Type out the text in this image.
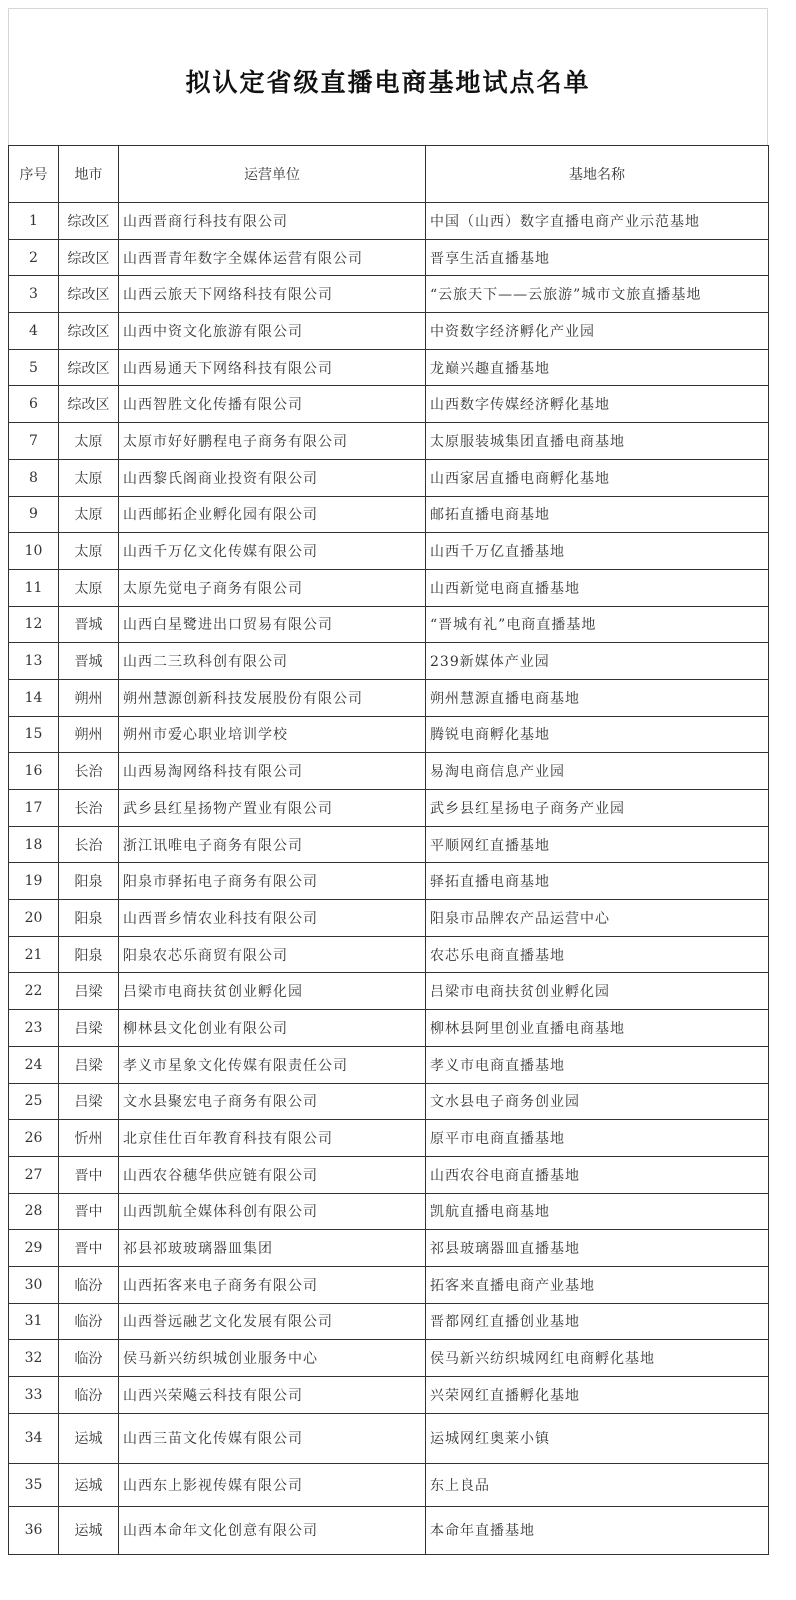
拟认定省级直播电商基地试点名单
序号	地市	运营单位	基地名称
1	综改区	山西晋商行科技有限公司	中国（山西）数字直播电商产业示范基地
2	综改区	山西晋青年数字全媒体运营有限公司	晋享生活直播基地
3	综改区	山西云旅天下网络科技有限公司	“云旅天下——云旅游”城市文旅直播基地
4	综改区	山西中资文化旅游有限公司	中资数字经济孵化产业园
5	综改区	山西易通天下网络科技有限公司	龙巅兴趣直播基地
6	综改区	山西智胜文化传播有限公司	山西数字传媒经济孵化基地
7	太原	太原市好好鹏程电子商务有限公司	太原服装城集团直播电商基地
8	太原	山西黎氏阁商业投资有限公司	山西家居直播电商孵化基地
9	太原	山西邮拓企业孵化园有限公司	邮拓直播电商基地
10	太原	山西千万亿文化传媒有限公司	山西千万亿直播基地
11	太原	太原先觉电子商务有限公司	山西新觉电商直播基地
12	晋城	山西白星鹭进出口贸易有限公司	“晋城有礼”电商直播基地
13	晋城	山西二三玖科创有限公司	239新媒体产业园
14	朔州	朔州慧源创新科技发展股份有限公司	朔州慧源直播电商基地
15	朔州	朔州市爱心职业培训学校	腾锐电商孵化基地
16	长治	山西易淘网络科技有限公司	易淘电商信息产业园
17	长治	武乡县红星扬物产置业有限公司	武乡县红星扬电子商务产业园
18	长治	浙江讯唯电子商务有限公司	平顺网红直播基地
19	阳泉	阳泉市驿拓电子商务有限公司	驿拓直播电商基地
20	阳泉	山西晋乡情农业科技有限公司	阳泉市品牌农产品运营中心
21	阳泉	阳泉农芯乐商贸有限公司	农芯乐电商直播基地
22	吕梁	吕梁市电商扶贫创业孵化园	吕梁市电商扶贫创业孵化园
23	吕梁	柳林县文化创业有限公司	柳林县阿里创业直播电商基地
24	吕梁	孝义市星象文化传媒有限责任公司	孝义市电商直播基地
25	吕梁	文水县聚宏电子商务有限公司	文水县电子商务创业园
26	忻州	北京佳仕百年教育科技有限公司	原平市电商直播基地
27	晋中	山西农谷穗华供应链有限公司	山西农谷电商直播基地
28	晋中	山西凯航全媒体科创有限公司	凯航直播电商基地
29	晋中	祁县祁玻玻璃器皿集团	祁县玻璃器皿直播基地
30	临汾	山西拓客来电子商务有限公司	拓客来直播电商产业基地
31	临汾	山西誉远融艺文化发展有限公司	晋都网红直播创业基地
32	临汾	侯马新兴纺织城创业服务中心	侯马新兴纺织城网红电商孵化基地
33	临汾	山西兴荣飚云科技有限公司	兴荣网红直播孵化基地
34	运城	山西三苗文化传媒有限公司	运城网红奥莱小镇
35	运城	山西东上影视传媒有限公司	东上良品
36	运城	山西本命年文化创意有限公司	本命年直播基地
